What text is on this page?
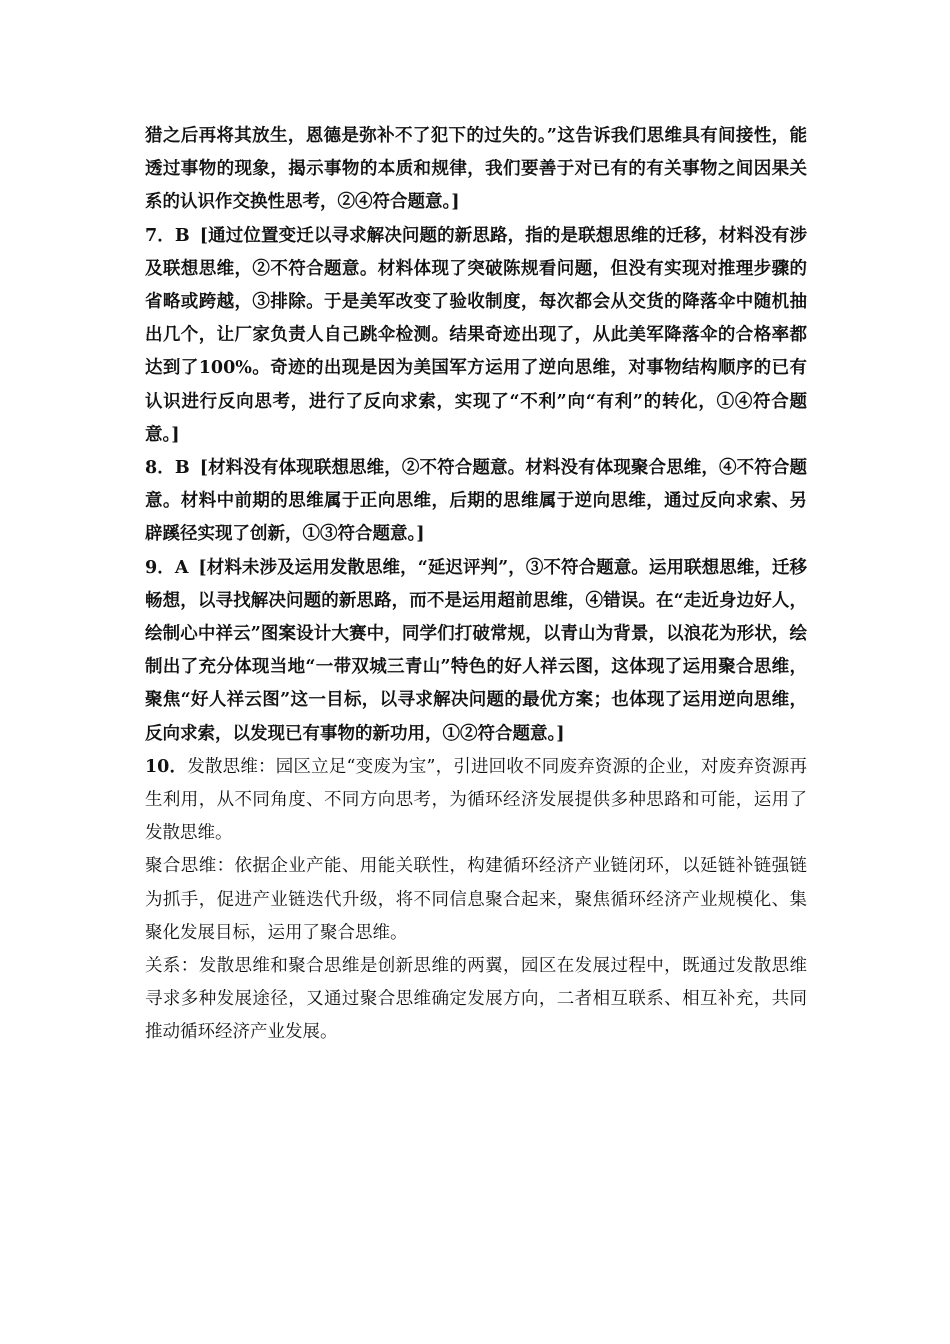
猎之后再将其放生，恩德是弥补不了犯下的过失的。”这告诉我们思维具有间接性，能透过事物的现象，揭示事物的本质和规律，我们要善于对已有的有关事物之间因果关系的认识作交换性思考，②④符合题意。]

7．B [通过位置变迁以寻求解决问题的新思路，指的是联想思维的迁移，材料没有涉及联想思维，②不符合题意。材料体现了突破陈规看问题，但没有实现对推理步骤的省略或跨越，③排除。于是美军改变了验收制度，每次都会从交货的降落伞中随机抽出几个，让厂家负责人自己跳伞检测。结果奇迹出现了，从此美军降落伞的合格率都达到了100%。奇迹的出现是因为美国军方运用了逆向思维，对事物结构顺序的已有认识进行反向思考，进行了反向求索，实现了“不利”向“有利”的转化，①④符合题意。]

8．B [材料没有体现联想思维，②不符合题意。材料没有体现聚合思维，④不符合题意。材料中前期的思维属于正向思维，后期的思维属于逆向思维，通过反向求索、另辟蹊径实现了创新，①③符合题意。]

9．A [材料未涉及运用发散思维，“延迟评判”，③不符合题意。运用联想思维，迁移畅想，以寻找解决问题的新思路，而不是运用超前思维，④错误。在“走近身边好人，绘制心中祥云”图案设计大赛中，同学们打破常规，以青山为背景，以浪花为形状，绘制出了充分体现当地“一带双城三青山”特色的好人祥云图，这体现了运用聚合思维，聚焦“好人祥云图”这一目标，以寻求解决问题的最优方案；也体现了运用逆向思维，反向求索，以发现已有事物的新功用，①②符合题意。]

10．发散思维：园区立足“变废为宝”，引进回收不同废弃资源的企业，对废弃资源再生利用，从不同角度、不同方向思考，为循环经济发展提供多种思路和可能，运用了发散思维。

聚合思维：依据企业产能、用能关联性，构建循环经济产业链闭环，以延链补链强链为抓手，促进产业链迭代升级，将不同信息聚合起来，聚焦循环经济产业规模化、集聚化发展目标，运用了聚合思维。

关系：发散思维和聚合思维是创新思维的两翼，园区在发展过程中，既通过发散思维寻求多种发展途径，又通过聚合思维确定发展方向，二者相互联系、相互补充，共同推动循环经济产业发展。
